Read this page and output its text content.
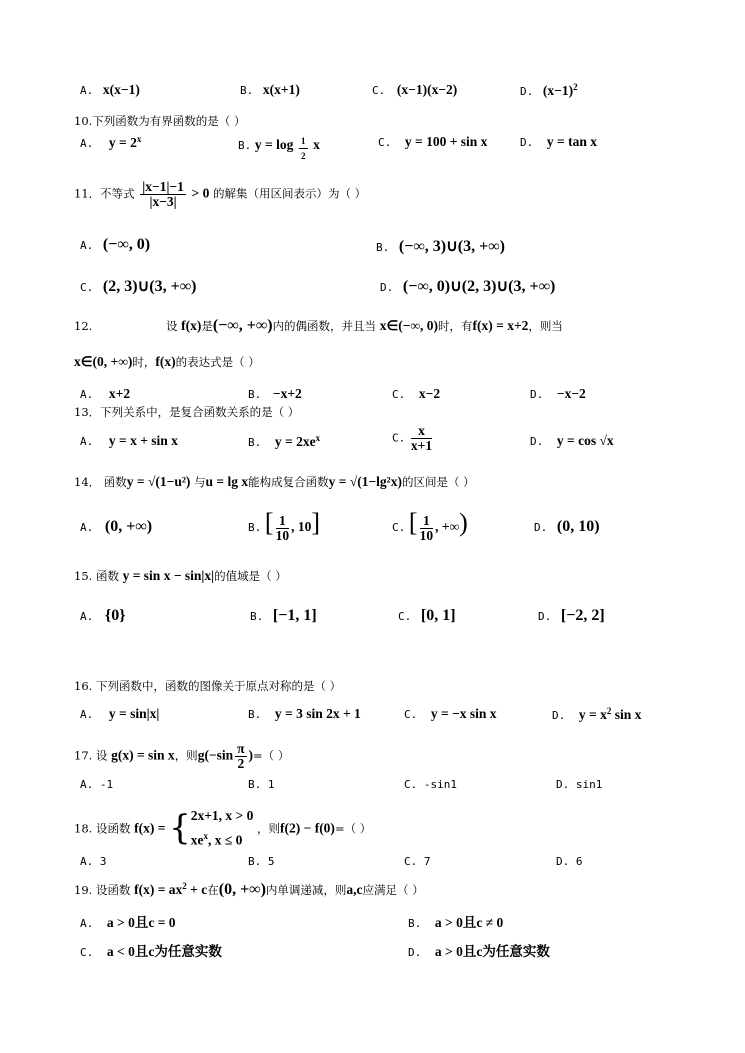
A. x(x−1)	B. x(x+1)	C. (x−1)(x−2)	D. $(x-1)^2$
10.下列函数为有界函数的是（ ）
A. $y = 2^x$	B. $y = \log \frac{1}{2}$ x	C. y = 100 + sin x	D. y = tan x
11．不等式 $\frac{|x-1|-1}{|x-3|} > 0$ 的解集（用区间表示）为（ ）
A. (−∞, 0)	B. (−∞, 3)∪(3, +∞)
C. (2, 3)∪(3, +∞)	D. (−∞, 0)∪(2, 3)∪(3, +∞)
12.	设 f(x)是(−∞, +∞)内的偶函数，并且当 x∈(−∞, 0)时，有f(x) = x+2，则当
x∈(0, +∞)时，f(x)的表达式是（ ）
A. x+2	B. −x+2	C. x−2	D. −x−2
13．下列关系中，是复合函数关系的是（ ）
A. y = x + sin x	B. $y = 2xe^x$	C. $\frac{x}{x+1}$	D. y = cos √x
14． 函数y = √(1−u²) 与u = lg x能构成复合函数y = √(1−lg²x)的区间是（ ）
A. (0, +∞)	B. [ $\frac{1}{10}$ , 10]	C. [ $\frac{1}{10}$ , +∞)	D. (0, 10)
15. 函数 y = sin x − sin|x|的值域是（ ）
A. {0}	B. [−1, 1]	C. [0, 1]	D. [−2, 2]
16. 下列函数中，函数的图像关于原点对称的是（ ）
A. y = sin|x|	B. y = 3 sin 2x + 1	C. y = −x sin x	D. $y = x^2$ sin x
17. 设 g(x) = sin x，则$g(-\sin \frac{\pi}{2}$ )=（ ）
A. -1	B. 1	C. -sin1	D. sin1
18. 设函数 f(x) = { 2x+1, x > 0
$xe^x$, x ≤ 0
，则f(2) − f(0)=（ ）
A. 3	B. 5	C. 7	D. 6
19. 设函数 $f(x) = ax^2 + c$在(0, +∞)内单调递减，则a,c应满足（ ）
A. a > 0且c = 0	B. a > 0且c ≠ 0
C. a < 0且c为任意实数	D. a > 0且c为任意实数
